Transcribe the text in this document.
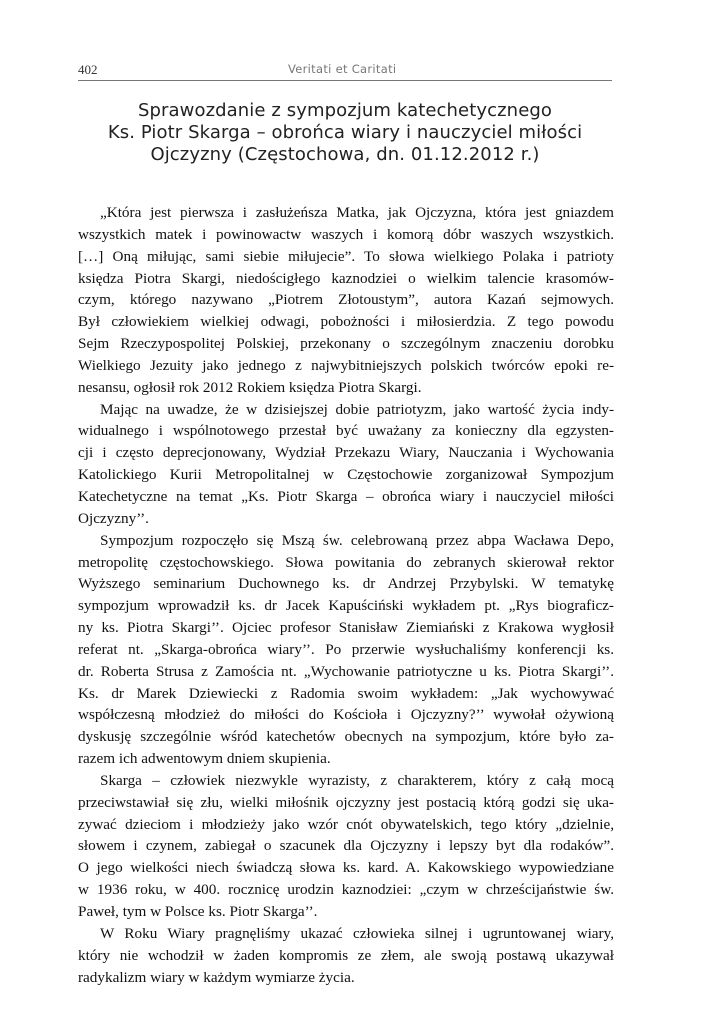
402	Veritati et Caritati
Sprawozdanie z sympozjum katechetycznego
Ks. Piotr Skarga – obrońca wiary i nauczyciel miłości
Ojczyzny (Częstochowa, dn. 01.12.2012 r.)
„Która jest pierwsza i zasłużeńsza Matka, jak Ojczyzna, która jest gniazdem
wszystkich matek i powinowactw waszych i komorą dóbr waszych wszystkich.
[…] Oną miłując, sami siebie miłujecie”. To słowa wielkiego Polaka i patrioty
księdza Piotra Skargi, niedościgłego kaznodziei o wielkim talencie krasomów-
czym, którego nazywano „Piotrem Złotoustym”, autora Kazań sejmowych.
Był człowiekiem wielkiej odwagi, pobożności i miłosierdzia. Z tego powodu
Sejm Rzeczypospolitej Polskiej, przekonany o szczególnym znaczeniu dorobku
Wielkiego Jezuity jako jednego z najwybitniejszych polskich twórców epoki re-
nesansu, ogłosił rok 2012 Rokiem księdza Piotra Skargi.
Mając na uwadze, że w dzisiejszej dobie patriotyzm, jako wartość życia indy-
widualnego i wspólnotowego przestał być uważany za konieczny dla egzysten-
cji i często deprecjonowany, Wydział Przekazu Wiary, Nauczania i Wychowania
Katolickiego Kurii Metropolitalnej w Częstochowie zorganizował Sympozjum
Katechetyczne na temat „Ks. Piotr Skarga – obrońca wiary i nauczyciel miłości
Ojczyzny’’.
Sympozjum rozpoczęło się Mszą św. celebrowaną przez abpa Wacława Depo,
metropolitę częstochowskiego. Słowa powitania do zebranych skierował rektor
Wyższego seminarium Duchownego ks. dr Andrzej Przybylski. W tematykę
sympozjum wprowadził ks. dr Jacek Kapuściński wykładem pt. „Rys biograficz-
ny ks. Piotra Skargi’’. Ojciec profesor Stanisław Ziemiański z Krakowa wygłosił
referat nt. „Skarga-obrońca wiary’’. Po przerwie wysłuchaliśmy konferencji ks.
dr. Roberta Strusa z Zamościa nt. „Wychowanie patriotyczne u ks. Piotra Skargi’’.
Ks. dr Marek Dziewiecki z Radomia swoim wykładem: „Jak wychowywać
współczesną młodzież do miłości do Kościoła i Ojczyzny?’’ wywołał ożywioną
dyskusję szczególnie wśród katechetów obecnych na sympozjum, które było za-
razem ich adwentowym dniem skupienia.
Skarga – człowiek niezwykle wyrazisty, z charakterem, który z całą mocą
przeciwstawiał się złu, wielki miłośnik ojczyzny jest postacią którą godzi się uka-
zywać dzieciom i młodzieży jako wzór cnót obywatelskich, tego który „dzielnie,
słowem i czynem, zabiegał o szacunek dla Ojczyzny i lepszy byt dla rodaków”.
O jego wielkości niech świadczą słowa ks. kard. A. Kakowskiego wypowiedziane
w 1936 roku, w 400. rocznicę urodzin kaznodziei: „czym w chrześcijaństwie św.
Paweł, tym w Polsce ks. Piotr Skarga’’.
W Roku Wiary pragnęliśmy ukazać człowieka silnej i ugruntowanej wiary,
który nie wchodził w żaden kompromis ze złem, ale swoją postawą ukazywał
radykalizm wiary w każdym wymiarze życia.
